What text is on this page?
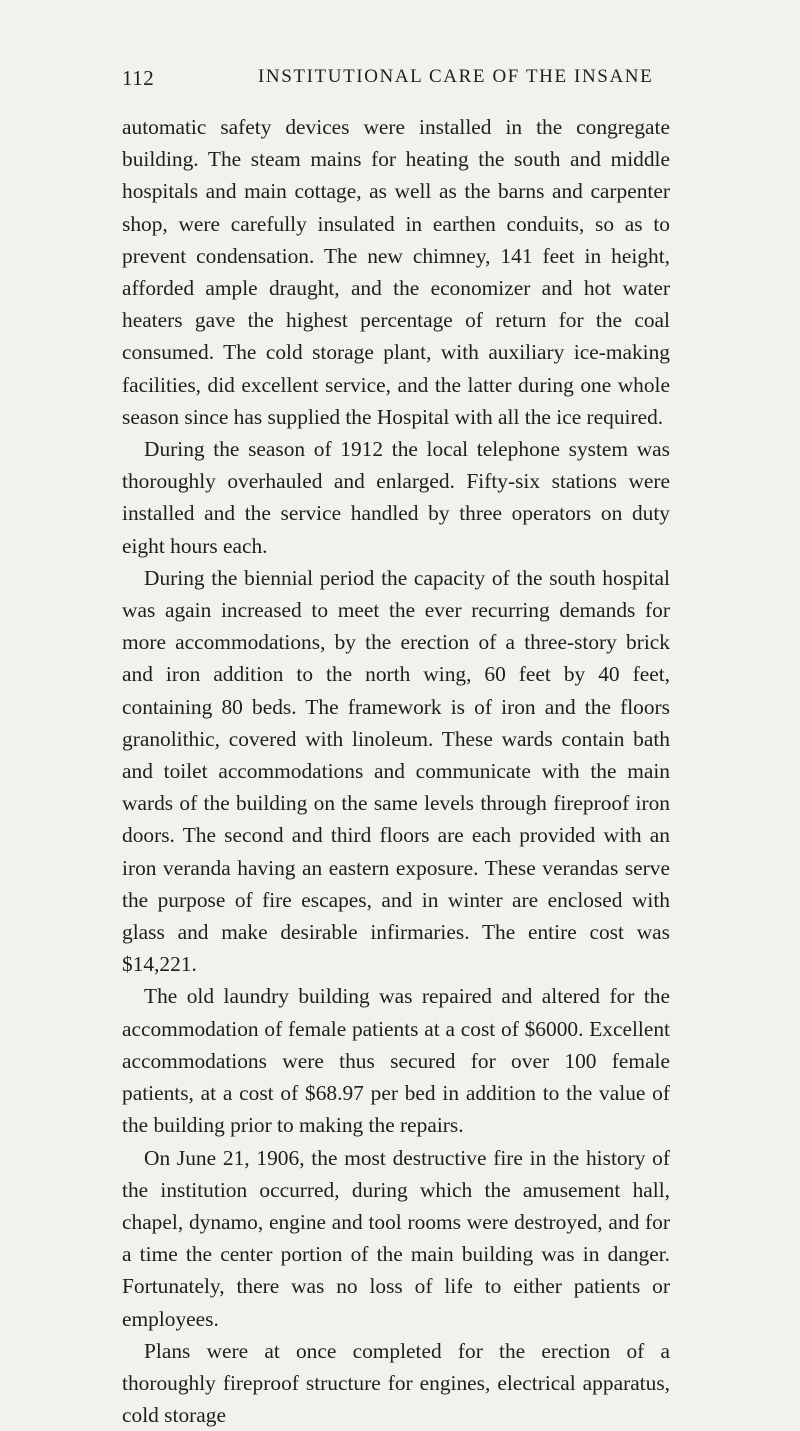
112	INSTITUTIONAL CARE OF THE INSANE

automatic safety devices were installed in the congregate building. The steam mains for heating the south and middle hospitals and main cottage, as well as the barns and carpenter shop, were carefully insulated in earthen conduits, so as to prevent condensation. The new chimney, 141 feet in height, afforded ample draught, and the economizer and hot water heaters gave the highest percentage of return for the coal consumed. The cold storage plant, with auxiliary ice-making facilities, did excellent service, and the latter during one whole season since has supplied the Hospital with all the ice required.

During the season of 1912 the local telephone system was thoroughly overhauled and enlarged. Fifty-six stations were installed and the service handled by three operators on duty eight hours each.

During the biennial period the capacity of the south hospital was again increased to meet the ever recurring demands for more accommodations, by the erection of a three-story brick and iron addition to the north wing, 60 feet by 40 feet, containing 80 beds. The framework is of iron and the floors granolithic, covered with linoleum. These wards contain bath and toilet accommodations and communicate with the main wards of the building on the same levels through fireproof iron doors. The second and third floors are each provided with an iron veranda having an eastern exposure. These verandas serve the purpose of fire escapes, and in winter are enclosed with glass and make desirable infirmaries. The entire cost was $14,221.

The old laundry building was repaired and altered for the accommodation of female patients at a cost of $6000. Excellent accommodations were thus secured for over 100 female patients, at a cost of $68.97 per bed in addition to the value of the building prior to making the repairs.

On June 21, 1906, the most destructive fire in the history of the institution occurred, during which the amusement hall, chapel, dynamo, engine and tool rooms were destroyed, and for a time the center portion of the main building was in danger. Fortunately, there was no loss of life to either patients or employees.

Plans were at once completed for the erection of a thoroughly fireproof structure for engines, electrical apparatus, cold storage
